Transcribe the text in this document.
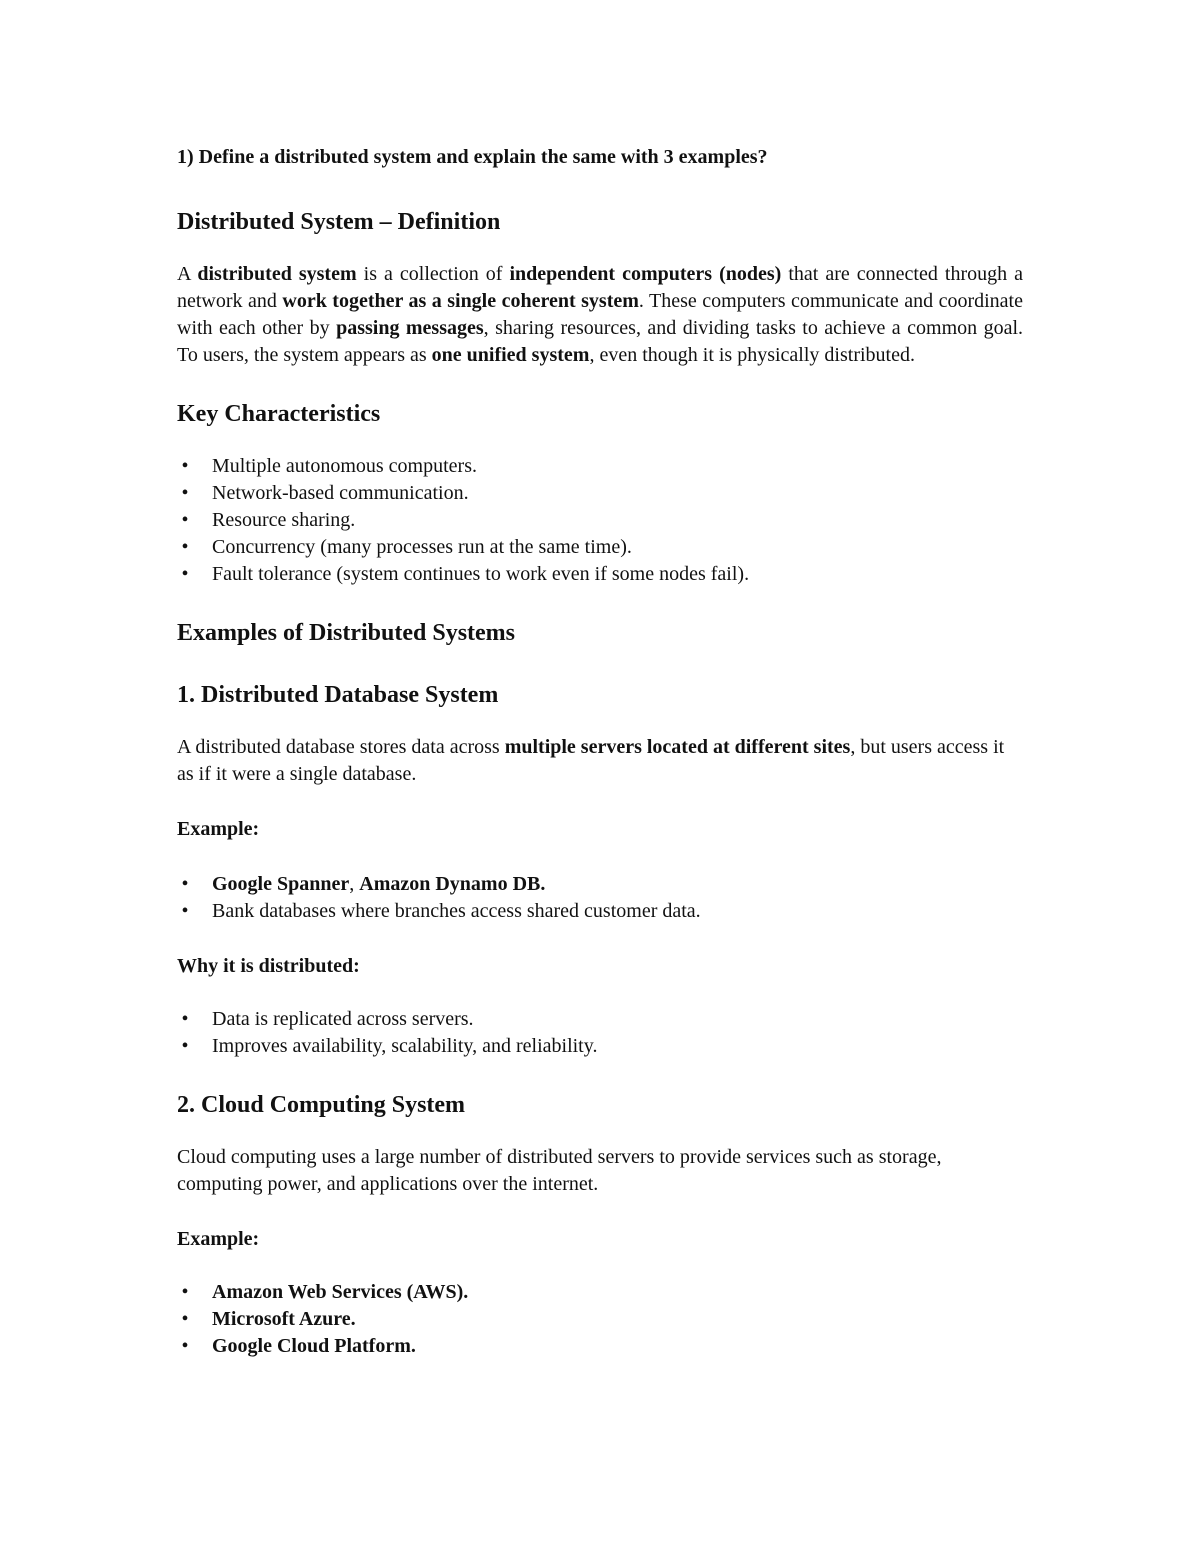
1) Define a distributed system and explain the same with 3 examples?
Distributed System – Definition

A distributed system is a collection of independent computers (nodes) that are connected through a network and work together as a single coherent system. These computers communicate and coordinate with each other by passing messages, sharing resources, and dividing tasks to achieve a common goal. To users, the system appears as one unified system, even though it is physically distributed.

Key Characteristics
• Multiple autonomous computers.
• Network-based communication.
• Resource sharing.
• Concurrency (many processes run at the same time).
• Fault tolerance (system continues to work even if some nodes fail).
Examples of Distributed Systems
1. Distributed Database System

A distributed database stores data across multiple servers located at different sites, but users access it as if it were a single database.

Example:
• Google Spanner, Amazon Dynamo DB.
• Bank databases where branches access shared customer data.
Why it is distributed:
• Data is replicated across servers.
• Improves availability, scalability, and reliability.
2. Cloud Computing System

Cloud computing uses a large number of distributed servers to provide services such as storage, computing power, and applications over the internet.

Example:
• Amazon Web Services (AWS).
• Microsoft Azure.
• Google Cloud Platform.
